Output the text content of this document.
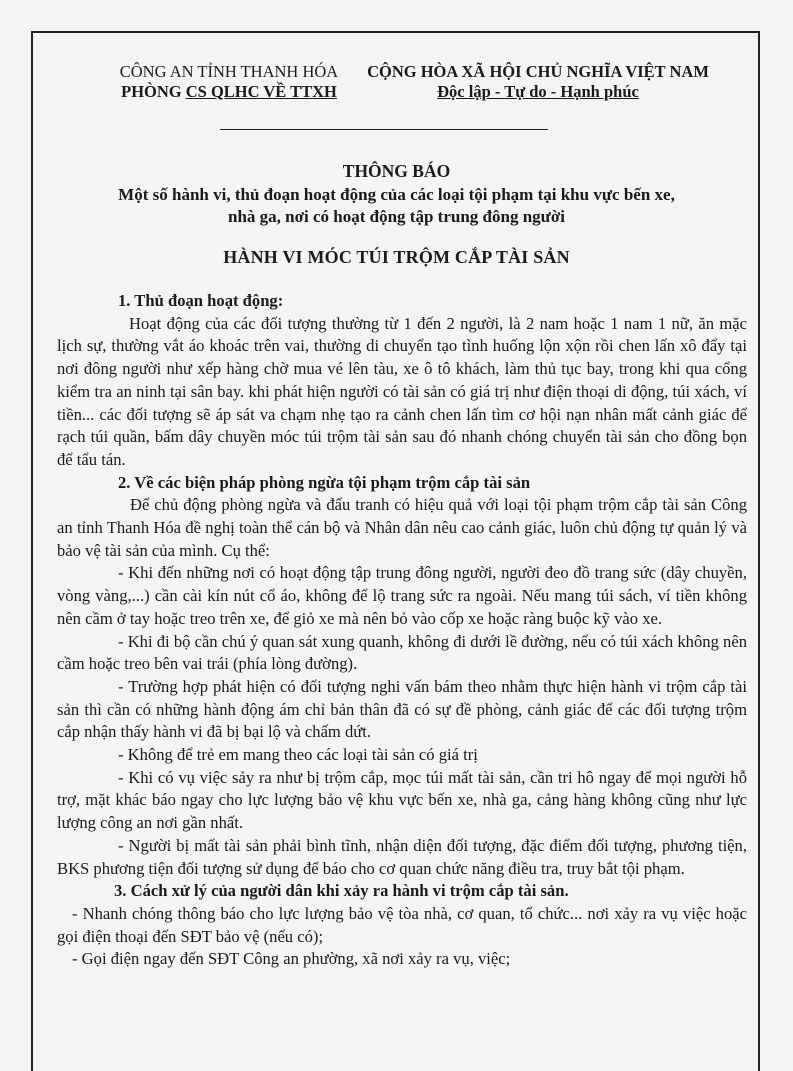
CÔNG AN TỈNH THANH HÓA
PHÒNG CS QLHC VỀ TTXH
CỘNG HÒA XÃ HỘI CHỦ NGHĨA VIỆT NAM
Độc lập - Tự do - Hạnh phúc
THÔNG BÁO
Một số hành vi, thủ đoạn hoạt động của các loại tội phạm tại khu vực bến xe,
nhà ga, nơi có hoạt động tập trung đông người
HÀNH VI MÓC TÚI TRỘM CẮP TÀI SẢN

1. Thủ đoạn hoạt động:

Hoạt động của các đối tượng thường từ 1 đến 2 người, là 2 nam hoặc 1 nam 1 nữ, ăn mặc lịch sự, thường vắt áo khoác trên vai, thường di chuyển tạo tình huống lộn xộn rồi chen lấn xô đẩy tại nơi đông người như xếp hàng chờ mua vé lên tàu, xe ô tô khách, làm thủ tục bay, trong khi qua cổng kiểm tra an ninh tại sân bay. khi phát hiện người có tài sản có giá trị như điện thoại di động, túi xách, ví tiền... các đối tượng sẽ áp sát va chạm nhẹ tạo ra cảnh chen lấn tìm cơ hội nạn nhân mất cảnh giác để rạch túi quần, bấm dây chuyền móc túi trộm tài sản sau đó nhanh chóng chuyển tài sản cho đồng bọn để tẩu tán.

2. Về các biện pháp phòng ngừa tội phạm trộm cắp tài sản

Để chủ động phòng ngừa và đấu tranh có hiệu quả với loại tội phạm trộm cắp tài sản Công an tỉnh Thanh Hóa đề nghị toàn thể cán bộ và Nhân dân nêu cao cảnh giác, luôn chủ động tự quản lý và bảo vệ tài sản của mình. Cụ thể:

- Khi đến những nơi có hoạt động tập trung đông người, người đeo đồ trang sức (dây chuyền, vòng vàng,...) cần cài kín nút cổ áo, không để lộ trang sức ra ngoài. Nếu mang túi sách, ví tiền không nên cầm ở tay hoặc treo trên xe, để giỏ xe mà nên bỏ vào cốp xe hoặc ràng buộc kỹ vào xe.

- Khi đi bộ cần chú ý quan sát xung quanh, không đi dưới lề đường, nếu có túi xách không nên cầm hoặc treo bên vai trái (phía lòng đường).

- Trường hợp phát hiện có đối tượng nghi vấn bám theo nhằm thực hiện hành vi trộm cắp tài sản thì cần có những hành động ám chỉ bản thân đã có sự đề phòng, cảnh giác để các đối tượng trộm cắp nhận thấy hành vi đã bị bại lộ và chấm dứt.

- Không để trẻ em mang theo các loại tài sản có giá trị

- Khi có vụ việc sảy ra như bị trộm cắp, mọc túi mất tài sản, cần tri hô ngay để mọi người hỗ trợ, mặt khác báo ngay cho lực lượng bảo vệ khu vực bến xe, nhà ga, cảng hàng không cũng như lực lượng công an nơi gần nhất.

- Người bị mất tài sản phải bình tĩnh, nhận diện đối tượng, đặc điểm đối tượng, phương tiện, BKS phương tiện đối tượng sử dụng để báo cho cơ quan chức năng điều tra, truy bắt tội phạm.

3. Cách xử lý của người dân khi xảy ra hành vi trộm cắp tài sản.

- Nhanh chóng thông báo cho lực lượng bảo vệ tòa nhà, cơ quan, tổ chức... nơi xảy ra vụ việc hoặc gọi điện thoại đến SĐT bảo vệ (nếu có);

- Gọi điện ngay đến SĐT Công an phường, xã nơi xảy ra vụ, việc;
